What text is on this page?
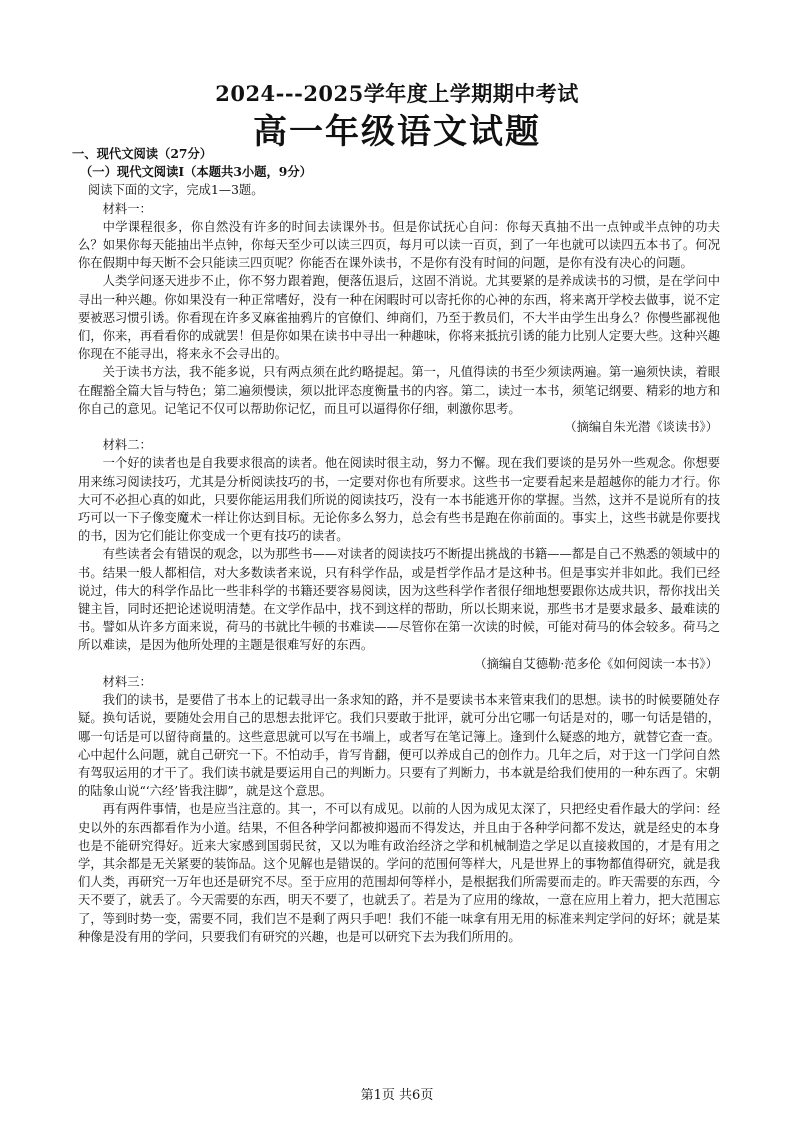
2024---2025学年度上学期期中考试
高一年级语文试题

一、现代文阅读（27分）

（一）现代文阅读Ⅰ（本题共3小题，9分）

阅读下面的文字，完成1—3题。

材料一：

中学课程很多，你自然没有许多的时间去读课外书。但是你试抚心自问：你每天真抽不出一点钟或半点钟的功夫么？如果你每天能抽出半点钟，你每天至少可以读三四页，每月可以读一百页，到了一年也就可以读四五本书了。何况你在假期中每天断不会只能读三四页呢？你能否在课外读书，不是你有没有时间的问题，是你有没有决心的问题。

人类学问逐天进步不止，你不努力跟着跑，便落伍退后，这固不消说。尤其要紧的是养成读书的习惯，是在学问中寻出一种兴趣。你如果没有一种正常嗜好，没有一种在闲暇时可以寄托你的心神的东西，将来离开学校去做事，说不定要被恶习惯引诱。你看现在许多叉麻雀抽鸦片的官僚们、绅商们，乃至于教员们，不大半由学生出身么？你慢些鄙视他们，你来，再看看你的成就罢！但是你如果在读书中寻出一种趣味，你将来抵抗引诱的能力比别人定要大些。这种兴趣你现在不能寻出，将来永不会寻出的。

关于读书方法，我不能多说，只有两点须在此约略提起。第一，凡值得读的书至少须读两遍。第一遍须快读，着眼在醒豁全篇大旨与特色；第二遍须慢读，须以批评态度衡量书的内容。第二，读过一本书，须笔记纲要、精彩的地方和你自己的意见。记笔记不仅可以帮助你记忆，而且可以逼得你仔细，刺激你思考。

（摘编自朱光潜《谈读书》）

材料二：

一个好的读者也是自我要求很高的读者。他在阅读时很主动，努力不懈。现在我们要谈的是另外一些观念。你想要用来练习阅读技巧，尤其是分析阅读技巧的书，一定要对你也有所要求。这些书一定要看起来是超越你的能力才行。你大可不必担心真的如此，只要你能运用我们所说的阅读技巧，没有一本书能逃开你的掌握。当然，这并不是说所有的技巧可以一下子像变魔术一样让你达到目标。无论你多么努力，总会有些书是跑在你前面的。事实上，这些书就是你要找的书，因为它们能让你变成一个更有技巧的读者。

有些读者会有错误的观念，以为那些书——对读者的阅读技巧不断提出挑战的书籍——都是自己不熟悉的领域中的书。结果一般人都相信，对大多数读者来说，只有科学作品，或是哲学作品才是这种书。但是事实并非如此。我们已经说过，伟大的科学作品比一些非科学的书籍还要容易阅读，因为这些科学作者很仔细地想要跟你达成共识，帮你找出关键主旨，同时还把论述说明清楚。在文学作品中，找不到这样的帮助，所以长期来说，那些书才是要求最多、最难读的书。譬如从许多方面来说，荷马的书就比牛顿的书难读——尽管你在第一次读的时候，可能对荷马的体会较多。荷马之所以难读，是因为他所处理的主题是很难写好的东西。

（摘编自艾德勒·范多伦《如何阅读一本书》）

材料三：

我们的读书，是要借了书本上的记载寻出一条求知的路，并不是要读书本来管束我们的思想。读书的时候要随处存疑。换句话说，要随处会用自己的思想去批评它。我们只要敢于批评，就可分出它哪一句话是对的，哪一句话是错的，哪一句话是可以留待商量的。这些意思就可以写在书端上，或者写在笔记簿上。逢到什么疑惑的地方，就替它查一查。心中起什么问题，就自己研究一下。不怕动手，肯写肯翻，便可以养成自己的创作力。几年之后，对于这一门学问自然有驾驭运用的才干了。我们读书就是要运用自己的判断力。只要有了判断力，书本就是给我们使用的一种东西了。宋朝的陆象山说“‘六经’皆我注脚”，就是这个意思。

再有两件事情，也是应当注意的。其一，不可以有成见。以前的人因为成见太深了，只把经史看作最大的学问：经史以外的东西都看作为小道。结果，不但各种学问都被抑遏而不得发达，并且由于各种学问都不发达，就是经史的本身也是不能研究得好。近来大家感到国弱民贫，又以为唯有政治经济之学和机械制造之学足以直接救国的，才是有用之学，其余都是无关紧要的装饰品。这个见解也是错误的。学问的范围何等样大，凡是世界上的事物都值得研究，就是我们人类，再研究一万年也还是研究不尽。至于应用的范围却何等样小，是根据我们所需要而走的。昨天需要的东西，今天不要了，就丢了。今天需要的东西，明天不要了，也就丢了。若是为了应用的缘故，一意在应用上着力，把大范围忘了，等到时势一变，需要不同，我们岂不是剩了两只手吧！我们不能一味拿有用无用的标准来判定学问的好坏；就是某种像是没有用的学问，只要我们有研究的兴趣，也是可以研究下去为我们所用的。

第1页 共6页
